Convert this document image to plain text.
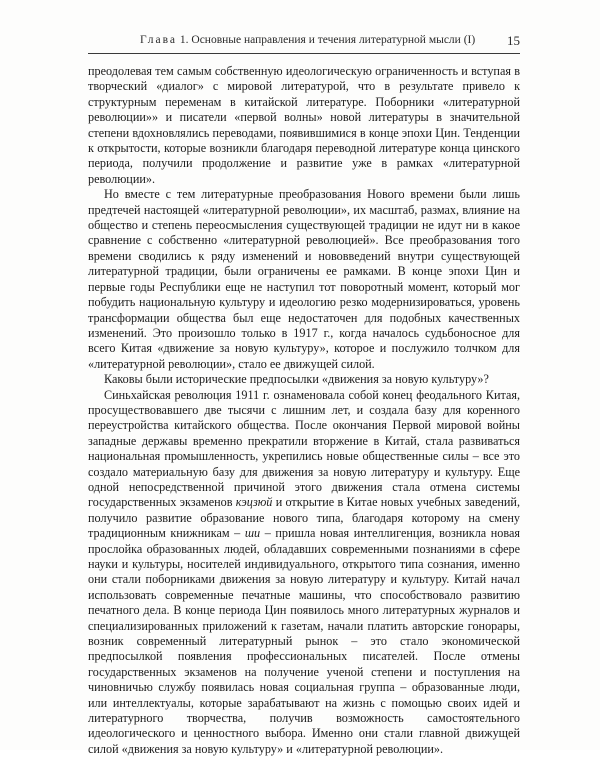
Глава 1. Основные направления и течения литературной мысли (I) 15

преодолевая тем самым собственную идеологическую ограниченность и вступая в творческий «диалог» с мировой литературой, что в результате привело к структурным переменам в китайской литературе. Поборники «литературной революции»» и писатели «первой волны» новой литературы в значительной степени вдохновлялись переводами, появившимися в конце эпохи Цин. Тенденции к открытости, которые возникли благодаря переводной литературе конца цинского периода, получили продолжение и развитие уже в рамках «литературной революции».

Но вместе с тем литературные преобразования Нового времени были лишь предтечей настоящей «литературной революции», их масштаб, размах, влияние на общество и степень переосмысления существующей традиции не идут ни в какое сравнение с собственно «литературной революцией». Все преобразования того времени сводились к ряду изменений и нововведений внутри существующей литературной традиции, были ограничены ее рамками. В конце эпохи Цин и первые годы Республики еще не наступил тот поворотный момент, который мог побудить национальную культуру и идеологию резко модернизироваться, уровень трансформации общества был еще недостаточен для подобных качественных изменений. Это произошло только в 1917 г., когда началось судьбоносное для всего Китая «движение за новую культуру», которое и послужило толчком для «литературной революции», стало ее движущей силой.

Каковы были исторические предпосылки «движения за новую культуру»?

Синьхайская революция 1911 г. ознаменовала собой конец феодального Китая, просуществовавшего две тысячи с лишним лет, и создала базу для коренного переустройства китайского общества. После окончания Первой мировой войны западные державы временно прекратили вторжение в Китай, стала развиваться национальная промышленность, укрепились новые общественные силы – все это создало материальную базу для движения за новую литературу и культуру. Еще одной непосредственной причиной этого движения стала отмена системы государственных экзаменов кэцзюй и открытие в Китае новых учебных заведений, получило развитие образование нового типа, благодаря которому на смену традиционным книжникам – ши – пришла новая интеллигенция, возникла новая прослойка образованных людей, обладавших современными познаниями в сфере науки и культуры, носителей индивидуального, открытого типа сознания, именно они стали поборниками движения за новую литературу и культуру. Китай начал использовать современные печатные машины, что способствовало развитию печатного дела. В конце периода Цин появилось много литературных журналов и специализированных приложений к газетам, начали платить авторские гонорары, возник современный литературный рынок – это стало экономической предпосылкой появления профессиональных писателей. После отмены государственных экзаменов на получение ученой степени и поступления на чиновничью службу появилась новая социальная группа – образованные люди, или интеллектуалы, которые зарабатывают на жизнь с помощью своих идей и литературного творчества, получив возможность самостоятельного идеологического и ценностного выбора. Именно они стали главной движущей силой «движения за новую культуру» и «литературной революции».
